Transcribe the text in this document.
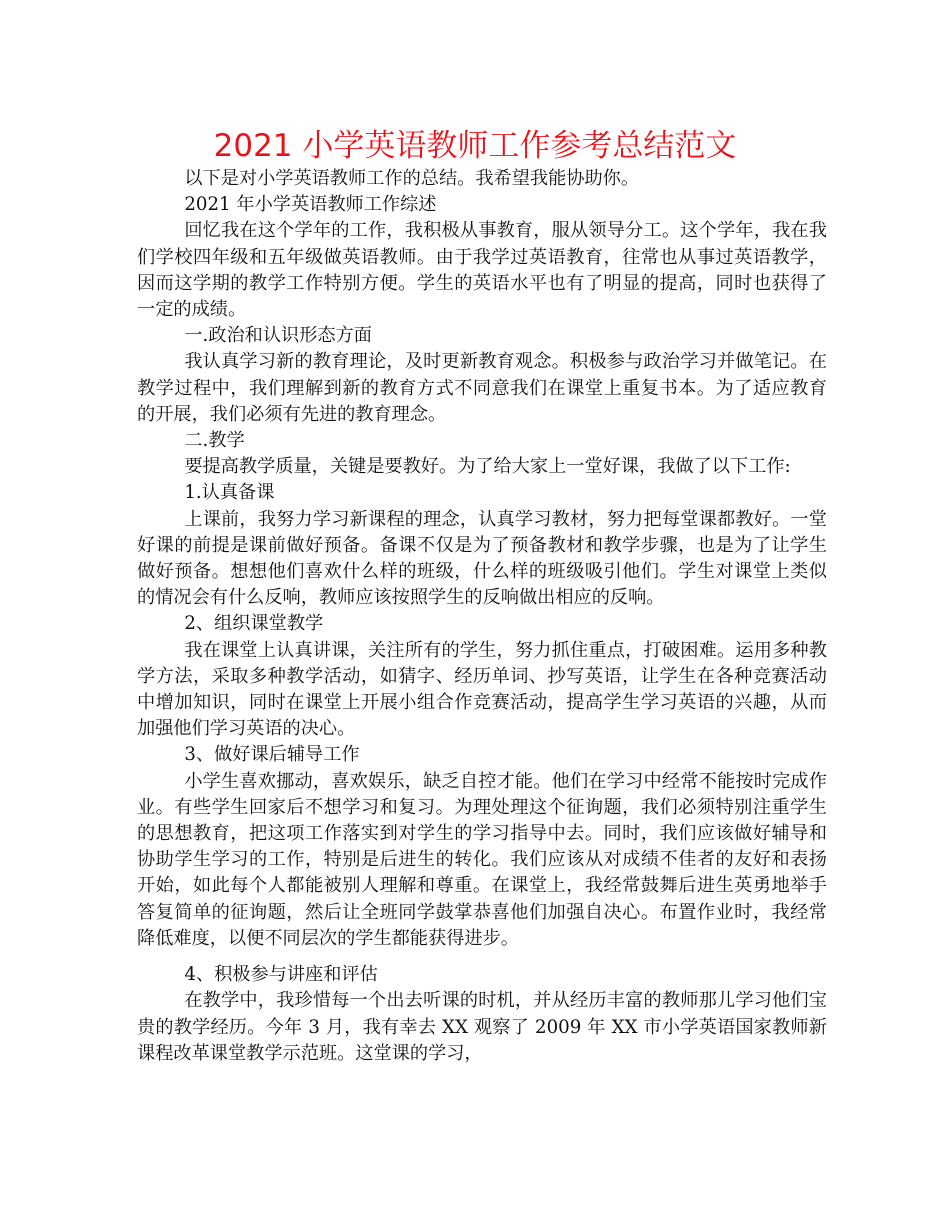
2021 小学英语教师工作参考总结范文

以下是对小学英语教师工作的总结。我希望我能协助你。

2021 年小学英语教师工作综述

回忆我在这个学年的工作，我积极从事教育，服从领导分工。这个学年，我在我们学校四年级和五年级做英语教师。由于我学过英语教育，往常也从事过英语教学，因而这学期的教学工作特别方便。学生的英语水平也有了明显的提高，同时也获得了一定的成绩。

一.政治和认识形态方面

我认真学习新的教育理论，及时更新教育观念。积极参与政治学习并做笔记。在教学过程中，我们理解到新的教育方式不同意我们在课堂上重复书本。为了适应教育的开展，我们必须有先进的教育理念。

二.教学

要提高教学质量，关键是要教好。为了给大家上一堂好课，我做了以下工作:

1.认真备课

上课前，我努力学习新课程的理念，认真学习教材，努力把每堂课都教好。一堂好课的前提是课前做好预备。备课不仅是为了预备教材和教学步骤，也是为了让学生做好预备。想想他们喜欢什么样的班级，什么样的班级吸引他们。学生对课堂上类似的情况会有什么反响，教师应该按照学生的反响做出相应的反响。

2、组织课堂教学

我在课堂上认真讲课，关注所有的学生，努力抓住重点，打破困难。运用多种教学方法，采取多种教学活动，如猜字、经历单词、抄写英语，让学生在各种竞赛活动中增加知识，同时在课堂上开展小组合作竞赛活动，提高学生学习英语的兴趣，从而加强他们学习英语的决心。

3、做好课后辅导工作

小学生喜欢挪动，喜欢娱乐，缺乏自控才能。他们在学习中经常不能按时完成作业。有些学生回家后不想学习和复习。为理处理这个征询题，我们必须特别注重学生的思想教育，把这项工作落实到对学生的学习指导中去。同时，我们应该做好辅导和协助学生学习的工作，特别是后进生的转化。我们应该从对成绩不佳者的友好和表扬开始，如此每个人都能被别人理解和尊重。在课堂上，我经常鼓舞后进生英勇地举手答复简单的征询题，然后让全班同学鼓掌恭喜他们加强自决心。布置作业时，我经常降低难度，以便不同层次的学生都能获得进步。

4、积极参与讲座和评估

在教学中，我珍惜每一个出去听课的时机，并从经历丰富的教师那儿学习他们宝贵的教学经历。今年 3 月，我有幸去 XX 观察了 2009 年 XX 市小学英语国家教师新课程改革课堂教学示范班。这堂课的学习，
